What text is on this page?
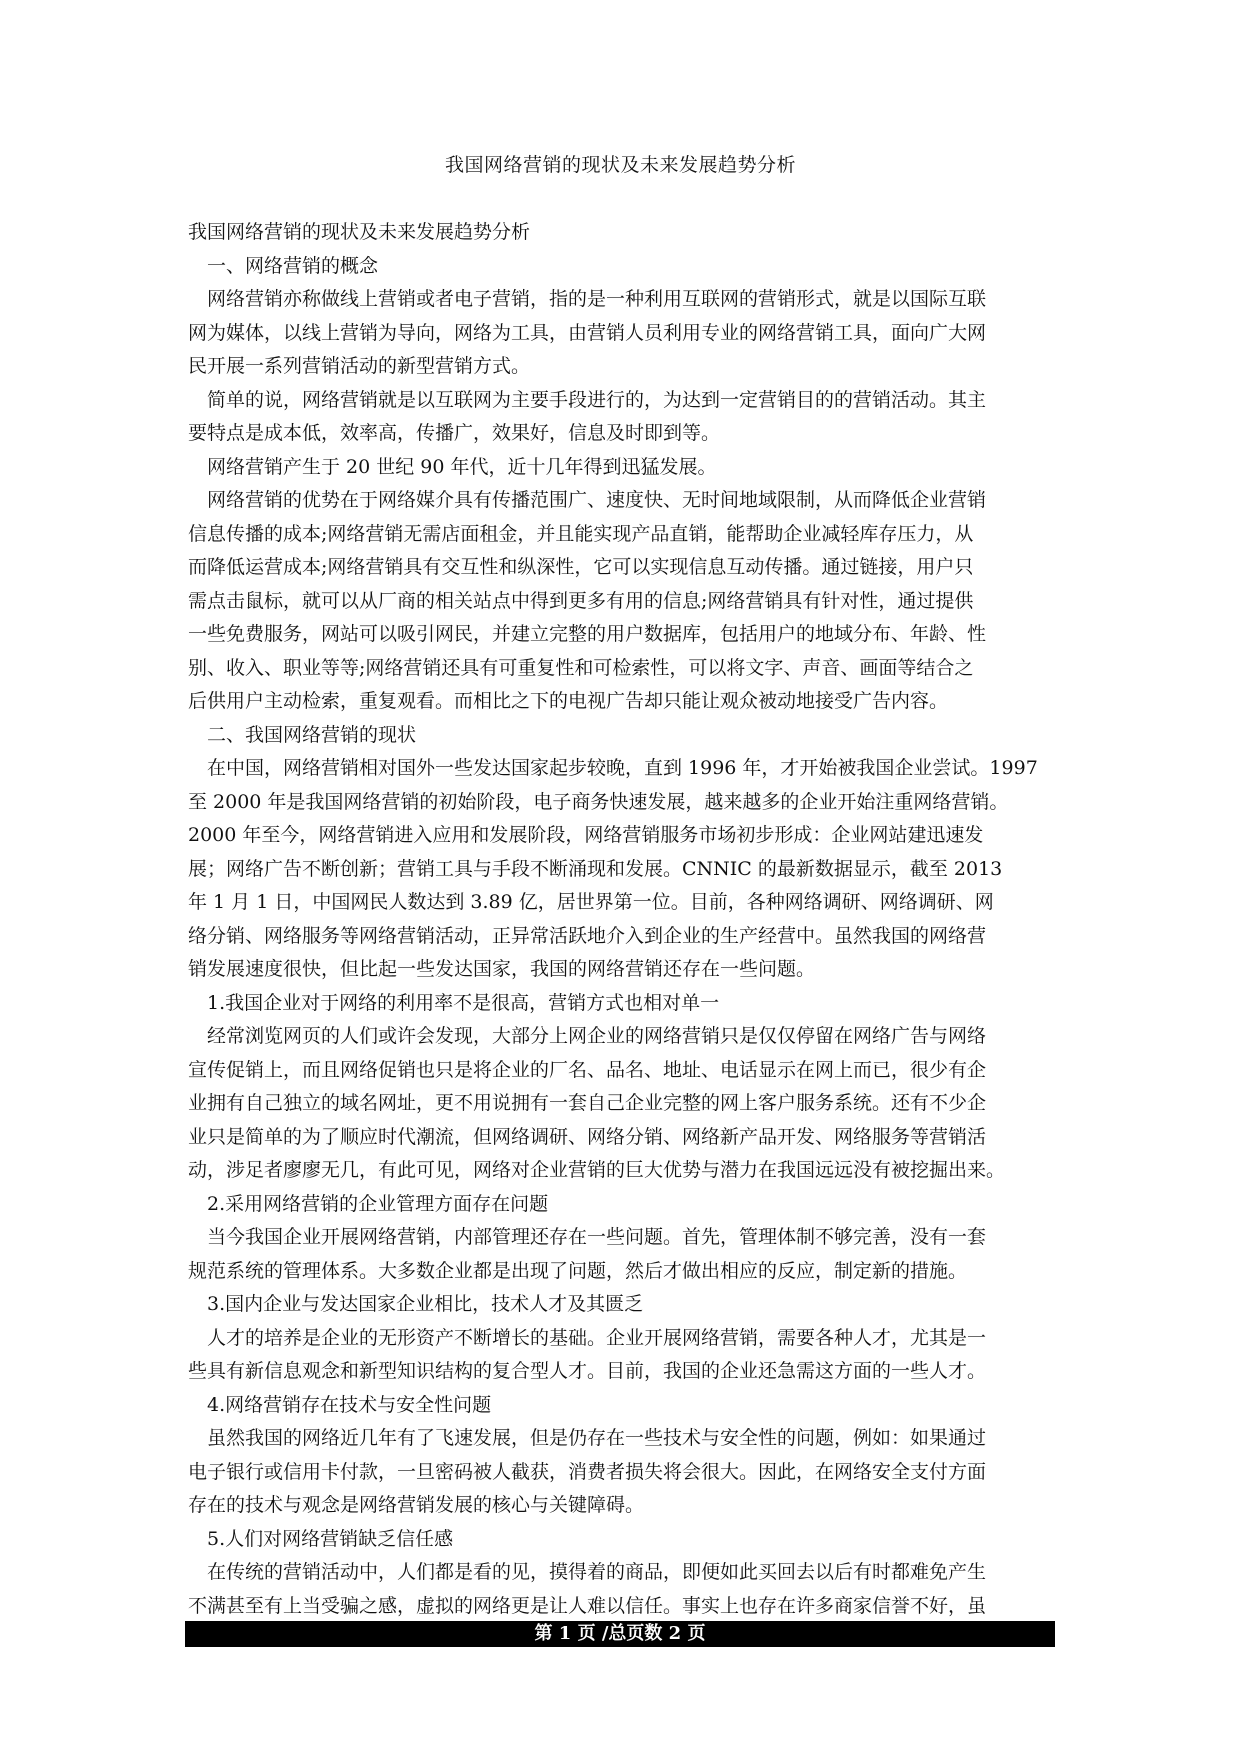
我国网络营销的现状及未来发展趋势分析
我国网络营销的现状及未来发展趋势分析
一、网络营销的概念
网络营销亦称做线上营销或者电子营销，指的是一种利用互联网的营销形式，就是以国际互联
网为媒体，以线上营销为导向，网络为工具，由营销人员利用专业的网络营销工具，面向广大网
民开展一系列营销活动的新型营销方式。
简单的说，网络营销就是以互联网为主要手段进行的，为达到一定营销目的的营销活动。其主
要特点是成本低，效率高，传播广，效果好，信息及时即到等。
网络营销产生于 20 世纪 90 年代，近十几年得到迅猛发展。
网络营销的优势在于网络媒介具有传播范围广、速度快、无时间地域限制，从而降低企业营销
信息传播的成本;网络营销无需店面租金，并且能实现产品直销，能帮助企业减轻库存压力，从
而降低运营成本;网络营销具有交互性和纵深性，它可以实现信息互动传播。通过链接，用户只
需点击鼠标，就可以从厂商的相关站点中得到更多有用的信息;网络营销具有针对性，通过提供
一些免费服务，网站可以吸引网民，并建立完整的用户数据库，包括用户的地域分布、年龄、性
别、收入、职业等等;网络营销还具有可重复性和可检索性，可以将文字、声音、画面等结合之
后供用户主动检索，重复观看。而相比之下的电视广告却只能让观众被动地接受广告内容。
二、我国网络营销的现状
在中国，网络营销相对国外一些发达国家起步较晚，直到 1996 年，才开始被我国企业尝试。1997
至 2000 年是我国网络营销的初始阶段，电子商务快速发展，越来越多的企业开始注重网络营销。
2000 年至今，网络营销进入应用和发展阶段，网络营销服务市场初步形成：企业网站建迅速发
展；网络广告不断创新；营销工具与手段不断涌现和发展。CNNIC 的最新数据显示，截至 2013
年 1 月 1 日，中国网民人数达到 3.89 亿，居世界第一位。目前，各种网络调研、网络调研、网
络分销、网络服务等网络营销活动，正异常活跃地介入到企业的生产经营中。虽然我国的网络营
销发展速度很快，但比起一些发达国家，我国的网络营销还存在一些问题。
1.我国企业对于网络的利用率不是很高，营销方式也相对单一
经常浏览网页的人们或许会发现，大部分上网企业的网络营销只是仅仅停留在网络广告与网络
宣传促销上，而且网络促销也只是将企业的厂名、品名、地址、电话显示在网上而已，很少有企
业拥有自己独立的域名网址，更不用说拥有一套自己企业完整的网上客户服务系统。还有不少企
业只是简单的为了顺应时代潮流，但网络调研、网络分销、网络新产品开发、网络服务等营销活
动，涉足者廖廖无几，有此可见，网络对企业营销的巨大优势与潜力在我国远远没有被挖掘出来。
2.采用网络营销的企业管理方面存在问题
当今我国企业开展网络营销，内部管理还存在一些问题。首先，管理体制不够完善，没有一套
规范系统的管理体系。大多数企业都是出现了问题，然后才做出相应的反应，制定新的措施。
3.国内企业与发达国家企业相比，技术人才及其匮乏
人才的培养是企业的无形资产不断增长的基础。企业开展网络营销，需要各种人才，尤其是一
些具有新信息观念和新型知识结构的复合型人才。目前，我国的企业还急需这方面的一些人才。
4.网络营销存在技术与安全性问题
虽然我国的网络近几年有了飞速发展，但是仍存在一些技术与安全性的问题，例如：如果通过
电子银行或信用卡付款，一旦密码被人截获，消费者损失将会很大。因此，在网络安全支付方面
存在的技术与观念是网络营销发展的核心与关键障碍。
5.人们对网络营销缺乏信任感
在传统的营销活动中，人们都是看的见，摸得着的商品，即便如此买回去以后有时都难免产生
不满甚至有上当受骗之感，虚拟的网络更是让人难以信任。事实上也存在许多商家信誉不好，虽
第 1 页 /总页数 2 页
